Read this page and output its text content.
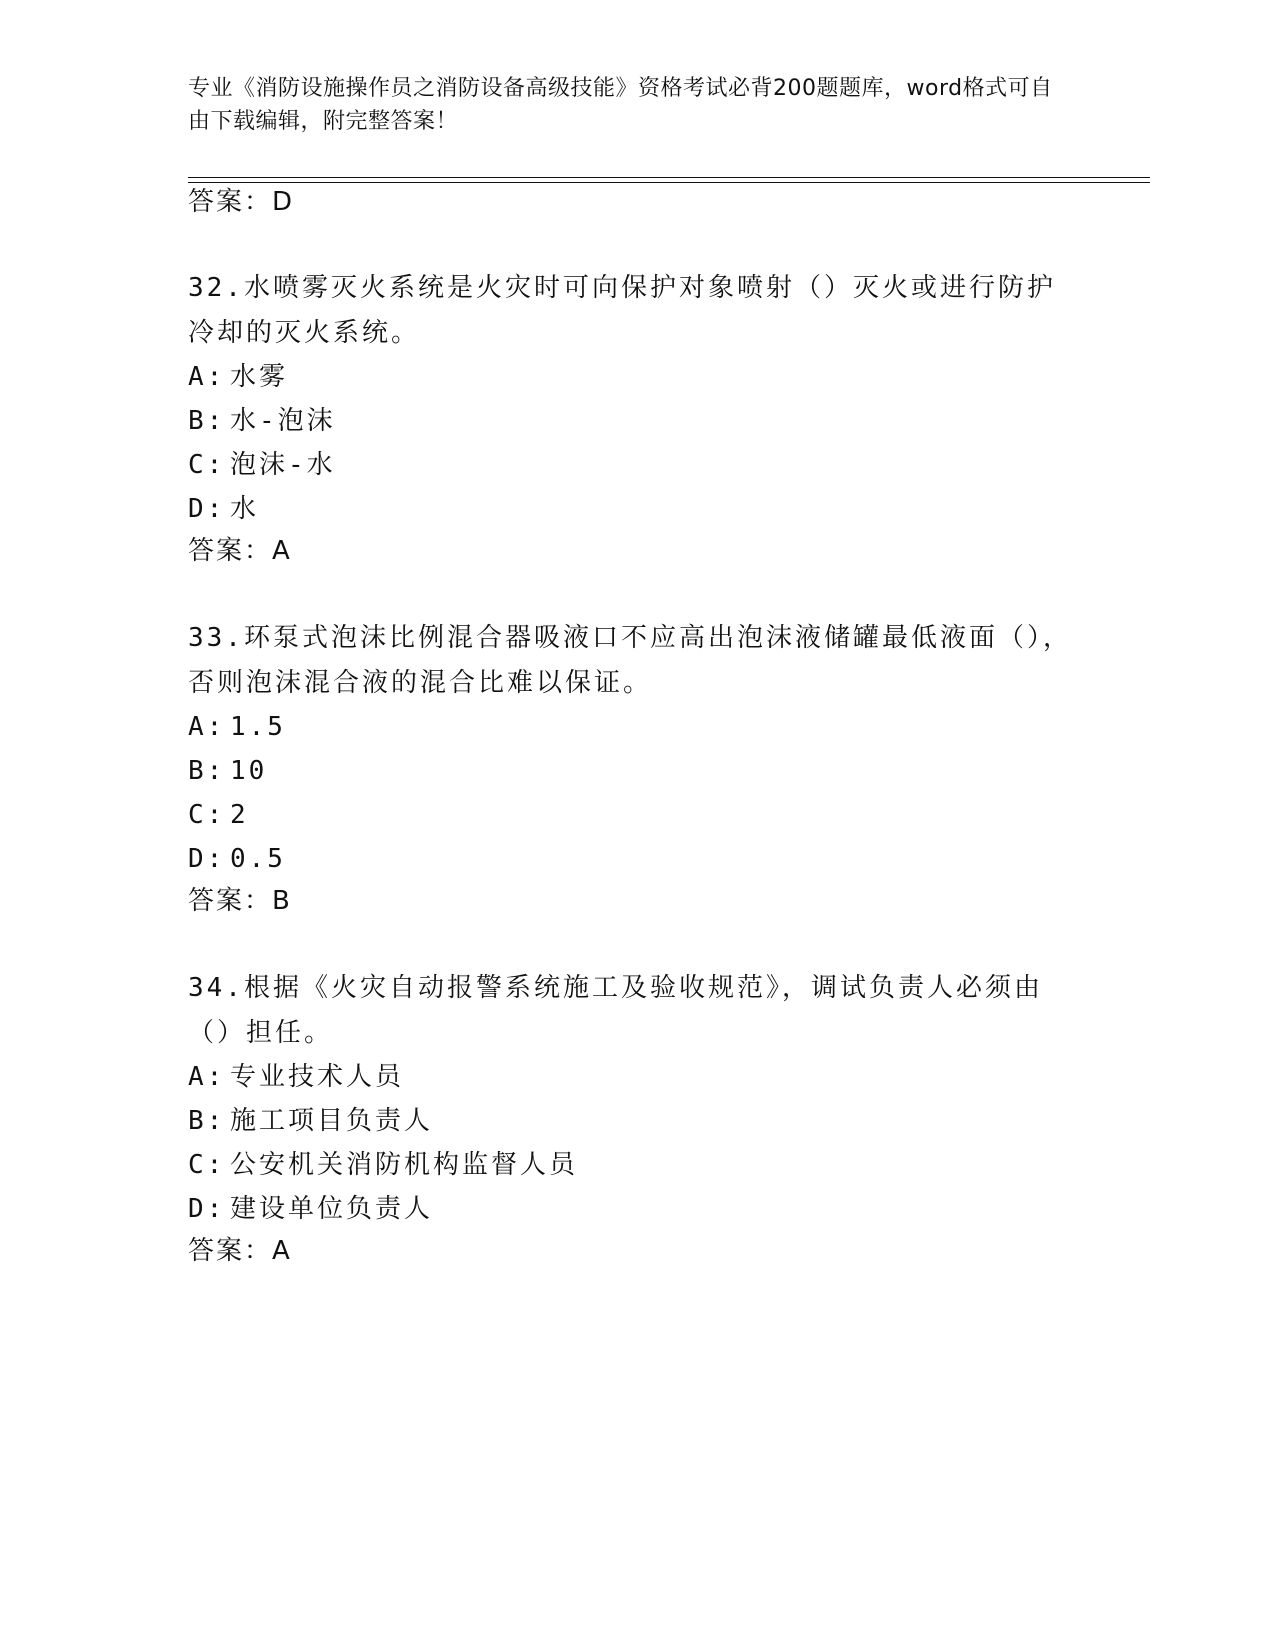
专业《消防设施操作员之消防设备高级技能》资格考试必背200题题库，word格式可自由下载编辑，附完整答案！

答案：D

32.水喷雾灭火系统是火灾时可向保护对象喷射（）灭火或进行防护冷却的灭火系统。

A: 水雾

B: 水-泡沫

C: 泡沫-水

D: 水

答案：A

33.环泵式泡沫比例混合器吸液口不应高出泡沫液储罐最低液面（），否则泡沫混合液的混合比难以保证。

A: 1.5

B: 10

C: 2

D: 0.5

答案：B

34.根据《火灾自动报警系统施工及验收规范》，调试负责人必须由（）担任。

A: 专业技术人员

B: 施工项目负责人

C: 公安机关消防机构监督人员

D: 建设单位负责人

答案：A
